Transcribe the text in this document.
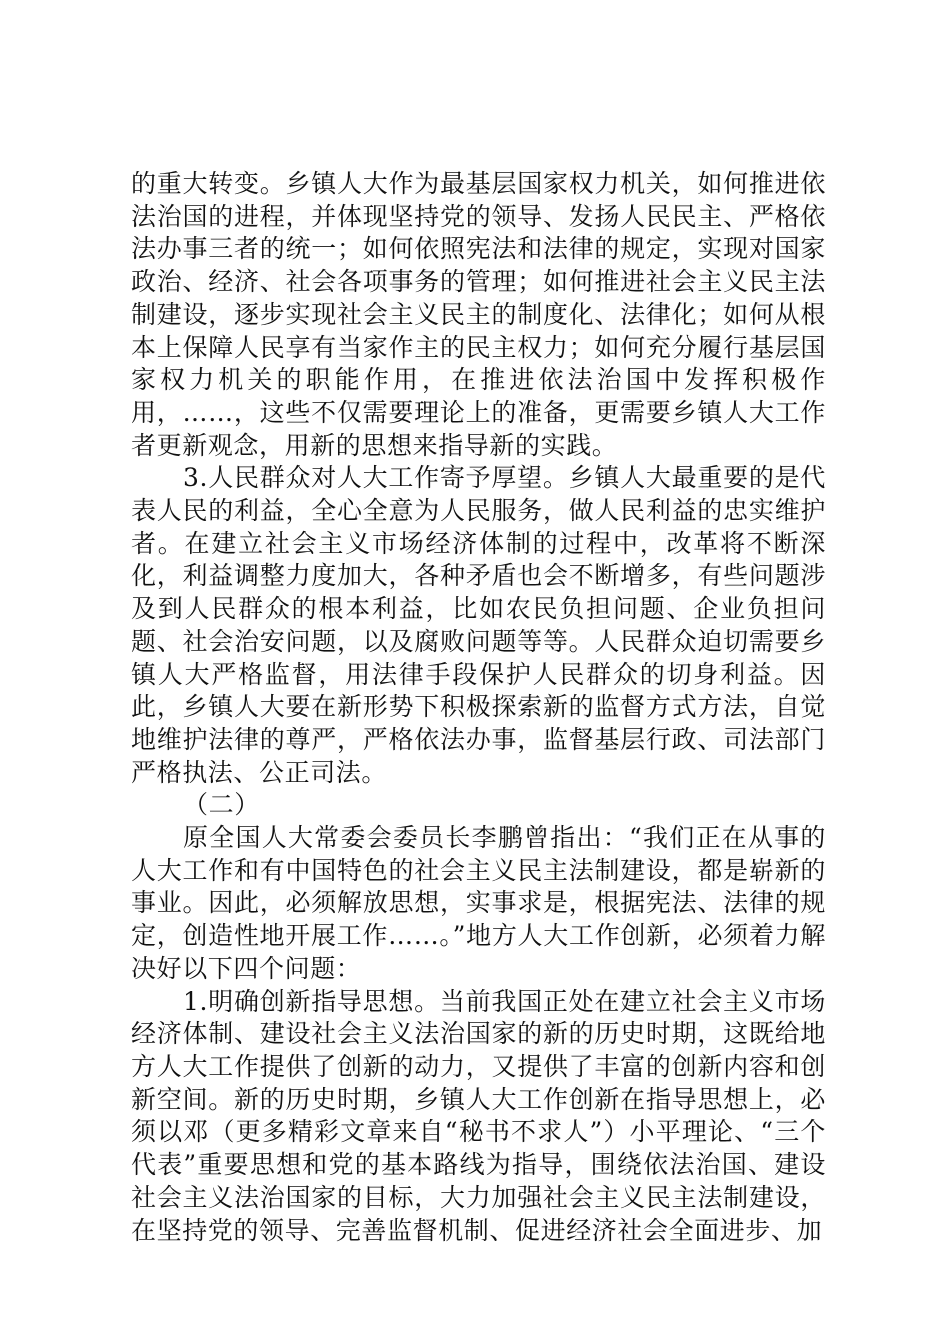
的重大转变。乡镇人大作为最基层国家权力机关，如何推进依法治国的进程，并体现坚持党的领导、发扬人民民主、严格依法办事三者的统一；如何依照宪法和法律的规定，实现对国家政治、经济、社会各项事务的管理；如何推进社会主义民主法制建设，逐步实现社会主义民主的制度化、法律化；如何从根本上保障人民享有当家作主的民主权力；如何充分履行基层国家权力机关的职能作用，在推进依法治国中发挥积极作用，……，这些不仅需要理论上的准备，更需要乡镇人大工作者更新观念，用新的思想来指导新的实践。

3.人民群众对人大工作寄予厚望。乡镇人大最重要的是代表人民的利益，全心全意为人民服务，做人民利益的忠实维护者。在建立社会主义市场经济体制的过程中，改革将不断深化，利益调整力度加大，各种矛盾也会不断增多，有些问题涉及到人民群众的根本利益，比如农民负担问题、企业负担问题、社会治安问题，以及腐败问题等等。人民群众迫切需要乡镇人大严格监督，用法律手段保护人民群众的切身利益。因此，乡镇人大要在新形势下积极探索新的监督方式方法，自觉地维护法律的尊严，严格依法办事，监督基层行政、司法部门严格执法、公正司法。

（二）

原全国人大常委会委员长李鹏曾指出：“我们正在从事的人大工作和有中国特色的社会主义民主法制建设，都是崭新的事业。因此，必须解放思想，实事求是，根据宪法、法律的规定，创造性地开展工作……。”地方人大工作创新，必须着力解决好以下四个问题：

1.明确创新指导思想。当前我国正处在建立社会主义市场经济体制、建设社会主义法治国家的新的历史时期，这既给地方人大工作提供了创新的动力，又提供了丰富的创新内容和创新空间。新的历史时期，乡镇人大工作创新在指导思想上，必须以邓（更多精彩文章来自“秘书不求人”）小平理论、“三个代表”重要思想和党的基本路线为指导，围绕依法治国、建设社会主义法治国家的目标，大力加强社会主义民主法制建设，在坚持党的领导、完善监督机制、促进经济社会全面进步、加
